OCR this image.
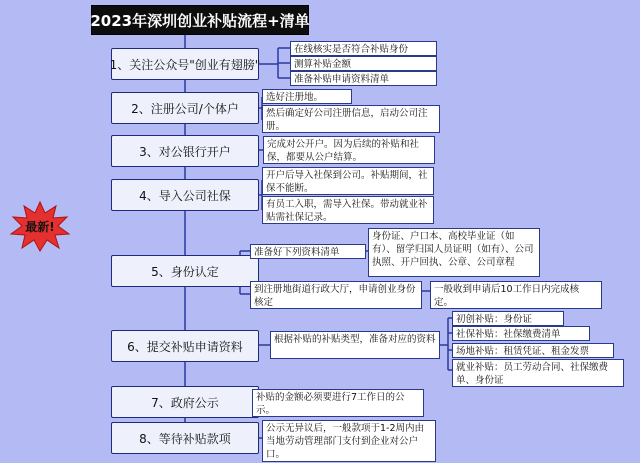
2023年深圳创业补贴流程+清单
1、关注公众号"创业有翅膀"
2、注册公司/个体户
3、对公银行开户
4、导入公司社保
5、身份认定
6、提交补贴申请资料
7、政府公示
8、等待补贴款项
在线核实是否符合补贴身份
测算补贴金额
准备补贴申请资料清单
选好注册地。
然后确定好公司注册信息，启动公司注册。
完成对公开户。因为后续的补贴和社保，都要从公户结算。
开户后导入社保到公司。补贴期间，社保不能断。
有员工入职，需导入社保。带动就业补贴需社保记录。
准备好下列资料清单
身份证、户口本、高校毕业证（如有）、留学归国人员证明（如有）、公司执照、开户回执、公章、公司章程
到注册地街道行政大厅，申请创业身份核定
一般收到申请后10工作日内完成核定。
根据补贴的补贴类型，准备对应的资料
初创补贴：身份证
社保补贴：社保缴费清单
场地补贴：租赁凭证、租金发票
就业补贴：员工劳动合同、社保缴费单、身份证
补贴的金额必须要进行7工作日的公示。
公示无异议后，一般款项于1-2周内由当地劳动管理部门支付到企业对公户口。
最新!
